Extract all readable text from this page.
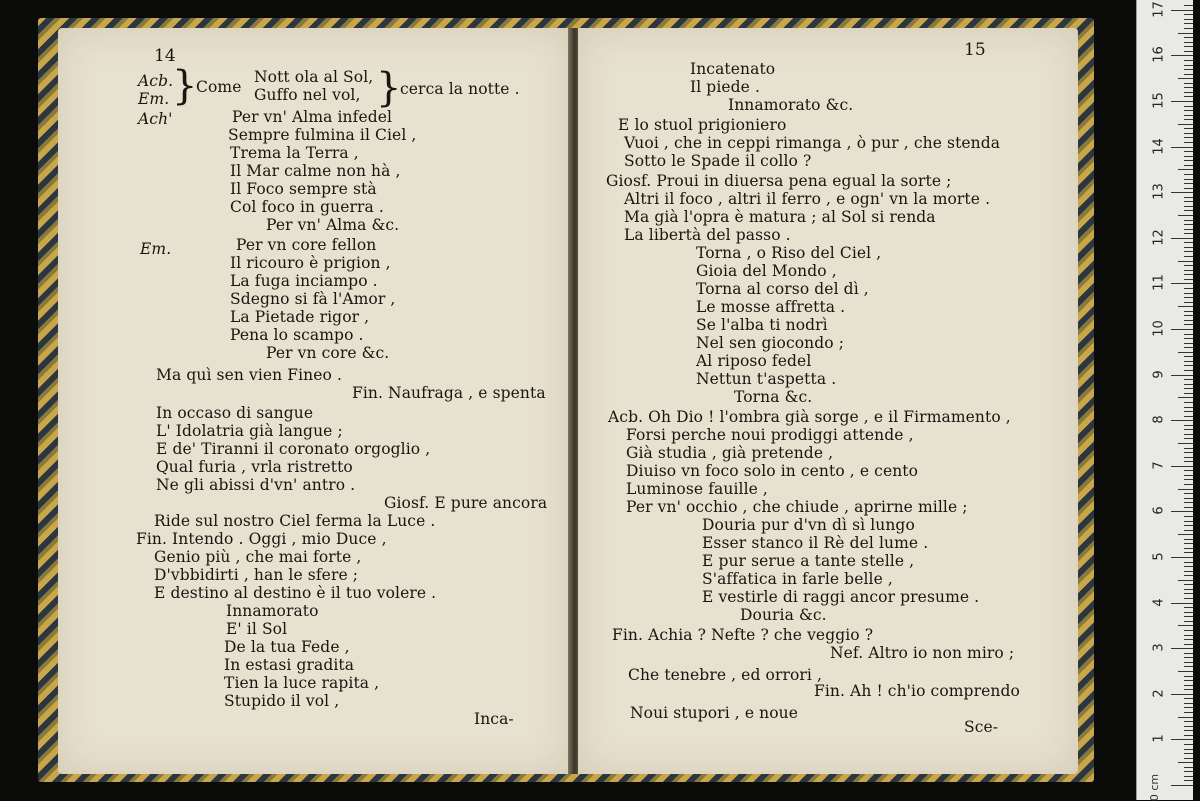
14
Acb.
Em. }
Come
Nott ola al Sol,
Guffo nel vol, }
cerca la notte .
Ach'	Per vn' Alma infedel
Sempre fulmina il Ciel ,
Trema la Terra ,
Il Mar calme non hà ,
Il Foco sempre stà
Col foco in guerra .
Per vn' Alma &c.
Em.	Per vn core fellon
Il ricouro è prigion ,
La fuga inciampo .
Sdegno si fà l'Amor ,
La Pietade rigor ,
Pena lo scampo .
Per vn core &c.
Ma quì sen vien Fineo .
Fin. Naufraga , e spenta
In occaso di sangue
L' Idolatria già langue ;
E de' Tiranni il coronato orgoglio ,
Qual furia , vrla ristretto
Ne gli abissi d'vn' antro .
Giosf. E pure ancora
Ride sul nostro Ciel ferma la Luce .
Fin. Intendo . Oggi , mio Duce ,
Genio più , che mai forte ,
D'vbbidirti , han le sfere ;
E destino al destino è il tuo volere .
Innamorato
E' il Sol
De la tua Fede ,
In estasi gradita
Tien la luce rapita ,
Stupido il vol ,
Inca-
15
Incatenato
Il piede .
Innamorato &c.
E lo stuol prigioniero
Vuoi , che in ceppi rimanga , ò pur , che stenda
Sotto le Spade il collo ?
Giosf. Proui in diuersa pena egual la sorte ;
Altri il foco , altri il ferro , e ogn' vn la morte .
Ma già l'opra è matura ; al Sol si renda
La libertà del passo .
Torna , o Riso del Ciel ,
Gioia del Mondo ,
Torna al corso del dì ,
Le mosse affretta .
Se l'alba ti nodrì
Nel sen giocondo ;
Al riposo fedel
Nettun t'aspetta .
Torna &c.
Acb. Oh Dio ! l'ombra già sorge , e il Firmamento ,
Forsi perche noui prodiggi attende ,
Già studia , già pretende ,
Diuiso vn foco solo in cento , e cento
Luminose fauille ,
Per vn' occhio , che chiude , aprirne mille ;
Douria pur d'vn dì sì lungo
Esser stanco il Rè del lume .
E pur serue a tante stelle ,
S'affatica in farle belle ,
E vestirle di raggi ancor presume .
Douria &c.
Fin. Achia ? Nefte ? che veggio ?
Nef. Altro io non miro ;
Che tenebre , ed orrori ,
Fin. Ah ! ch'io comprendo
Noui stupori , e noue
Sce-
0 cm
1
2
3
4
5
6
7
8
9
10
11
12
13
14
15
16
17
